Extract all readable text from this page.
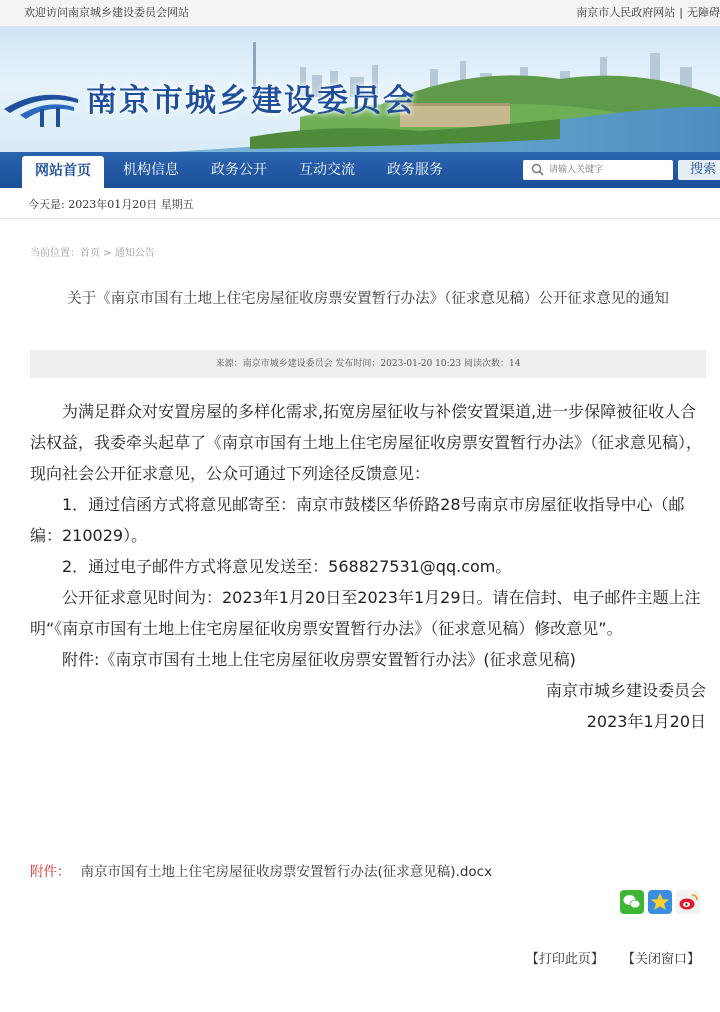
欢迎访问南京城乡建设委员会网站	南京市人民政府网站 | 无障碍
南京市城乡建设委员会
网站首页	机构信息	政务公开	互动交流	政务服务
请输入关键字	搜索
今天是: 2023年01月20日 星期五
当前位置：首页 > 通知公告
关于《南京市国有土地上住宅房屋征收房票安置暂行办法》（征求意见稿）公开征求意见的通知
来源：南京市城乡建设委员会 发布时间：2023-01-20 10:23 阅读次数：14

为满足群众对安置房屋的多样化需求,拓宽房屋征收与补偿安置渠道,进一步保障被征收人合法权益，我委牵头起草了《南京市国有土地上住宅房屋征收房票安置暂行办法》（征求意见稿），现向社会公开征求意见，公众可通过下列途径反馈意见：

1．通过信函方式将意见邮寄至：南京市鼓楼区华侨路28号南京市房屋征收指导中心（邮编：210029）。

2．通过电子邮件方式将意见发送至：568827531@qq.com。

公开征求意见时间为：2023年1月20日至2023年1月29日。请在信封、电子邮件主题上注明“《南京市国有土地上住宅房屋征收房票安置暂行办法》（征求意见稿）修改意见”。

附件:《南京市国有土地上住宅房屋征收房票安置暂行办法》(征求意见稿)

南京市城乡建设委员会

2023年1月20日

附件： 南京市国有土地上住宅房屋征收房票安置暂行办法(征求意见稿).docx
【打印此页】 【关闭窗口】
